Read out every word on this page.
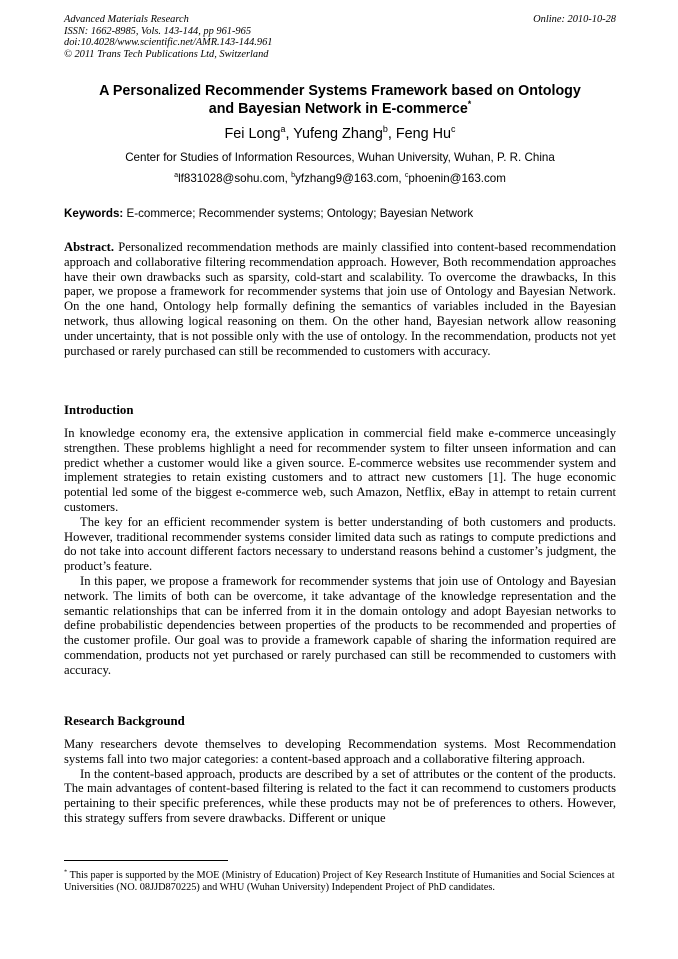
Advanced Materials Research
ISSN: 1662-8985, Vols. 143-144, pp 961-965
doi:10.4028/www.scientific.net/AMR.143-144.961
© 2011 Trans Tech Publications Ltd, Switzerland
Online: 2010-10-28
A Personalized Recommender Systems Framework based on Ontology
and Bayesian Network in E-commerce*
Fei Long$^a$, Yufeng Zhang$^b$, Feng Hu$^c$
Center for Studies of Information Resources, Wuhan University, Wuhan, P. R. China
$^a$lf831028@sohu.com, $^b$yfzhang9@163.com, $^c$phoenin@163.com
Keywords: E-commerce; Recommender systems; Ontology; Bayesian Network

Abstract. Personalized recommendation methods are mainly classified into content-based recommendation approach and collaborative filtering recommendation approach. However, Both recommendation approaches have their own drawbacks such as sparsity, cold-start and scalability. To overcome the drawbacks, In this paper, we propose a framework for recommender systems that join use of Ontology and Bayesian Network. On the one hand, Ontology help formally defining the semantics of variables included in the Bayesian network, thus allowing logical reasoning on them. On the other hand, Bayesian network allow reasoning under uncertainty, that is not possible only with the use of ontology. In the recommendation, products not yet purchased or rarely purchased can still be recommended to customers with accuracy.

Introduction

In knowledge economy era, the extensive application in commercial field make e-commerce unceasingly strengthen. These problems highlight a need for recommender system to filter unseen information and can predict whether a customer would like a given source. E-commerce websites use recommender system and implement strategies to retain existing customers and to attract new customers [1]. The huge economic potential led some of the biggest e-commerce web, such Amazon, Netflix, eBay in attempt to retain current customers.

The key for an efficient recommender system is better understanding of both customers and products. However, traditional recommender systems consider limited data such as ratings to compute predictions and do not take into account different factors necessary to understand reasons behind a customer’s judgment, the product’s feature.

In this paper, we propose a framework for recommender systems that join use of Ontology and Bayesian network. The limits of both can be overcome, it take advantage of the knowledge representation and the semantic relationships that can be inferred from it in the domain ontology and adopt Bayesian networks to define probabilistic dependencies between properties of the products to be recommended and properties of the customer profile. Our goal was to provide a framework capable of sharing the information required are commendation, products not yet purchased or rarely purchased can still be recommended to customers with accuracy.

Research Background

Many researchers devote themselves to developing Recommendation systems. Most Recommendation systems fall into two major categories: a content-based approach and a collaborative filtering approach.

In the content-based approach, products are described by a set of attributes or the content of the products. The main advantages of content-based filtering is related to the fact it can recommend to customers products pertaining to their specific preferences, while these products may not be of preferences to others. However, this strategy suffers from severe drawbacks. Different or unique

* This paper is supported by the MOE (Ministry of Education) Project of Key Research Institute of Humanities and Social Sciences at Universities (NO. 08JJD870225) and WHU (Wuhan University) Independent Project of PhD candidates.
